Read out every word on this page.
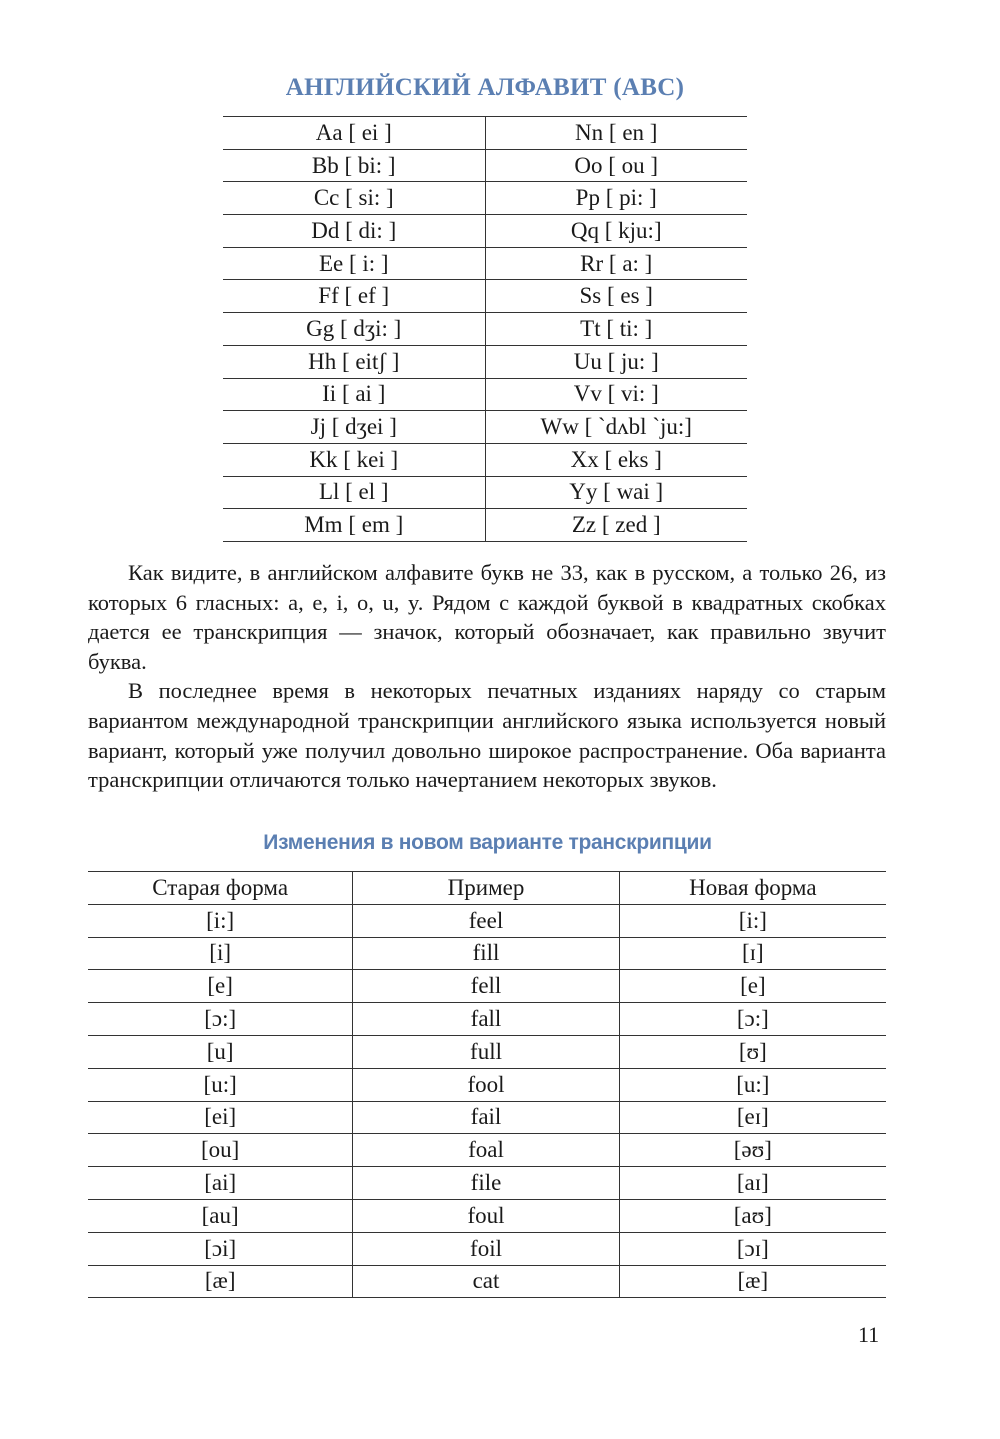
АНГЛИЙСКИЙ АЛФАВИТ (ABC)
Aa [ ei ]	Nn [ en ]
Bb [ bi: ]	Oo [ ou ]
Cc [ si: ]	Pp [ pi: ]
Dd [ di: ]	Qq [ kju:]
Ee [ i: ]	Rr [ a: ]
Ff [ ef ]	Ss [ es ]
Gg [ dʒi: ]	Tt [ ti: ]
Hh [ eitʃ ]	Uu [ ju: ]
Ii [ ai ]	Vv [ vi: ]
Jj [ dʒei ]	Ww [ `dʌbl `ju:]
Kk [ kei ]	Xx [ eks ]
Ll [ el ]	Yy [ wai ]
Mm [ em ]	Zz [ zed ]

Как видите, в английском алфавите букв не 33, как в русском, а только 26, из которых 6 гласных: a, e, i, o, u, y. Рядом с каждой буквой в квадратных скобках дается ее транскрипция — значок, который обозначает, как правильно звучит буква.

В последнее время в некоторых печатных изданиях наряду со старым вариантом международной транскрипции английского языка используется новый вариант, который уже получил довольно широкое распространение. Оба варианта транскрипции отличаются только начертанием некоторых звуков.

Изменения в новом варианте транскрипции
Старая форма	Пример	Новая форма
[i:]	feel	[i:]
[i]	fill	[ɪ]
[e]	fell	[e]
[ɔ:]	fall	[ɔ:]
[u]	full	[ʊ]
[u:]	fool	[u:]
[ei]	fail	[eɪ]
[ou]	foal	[əʊ]
[ai]	file	[aɪ]
[au]	foul	[aʊ]
[ɔi]	foil	[ɔɪ]
[æ]	cat	[æ]
11
